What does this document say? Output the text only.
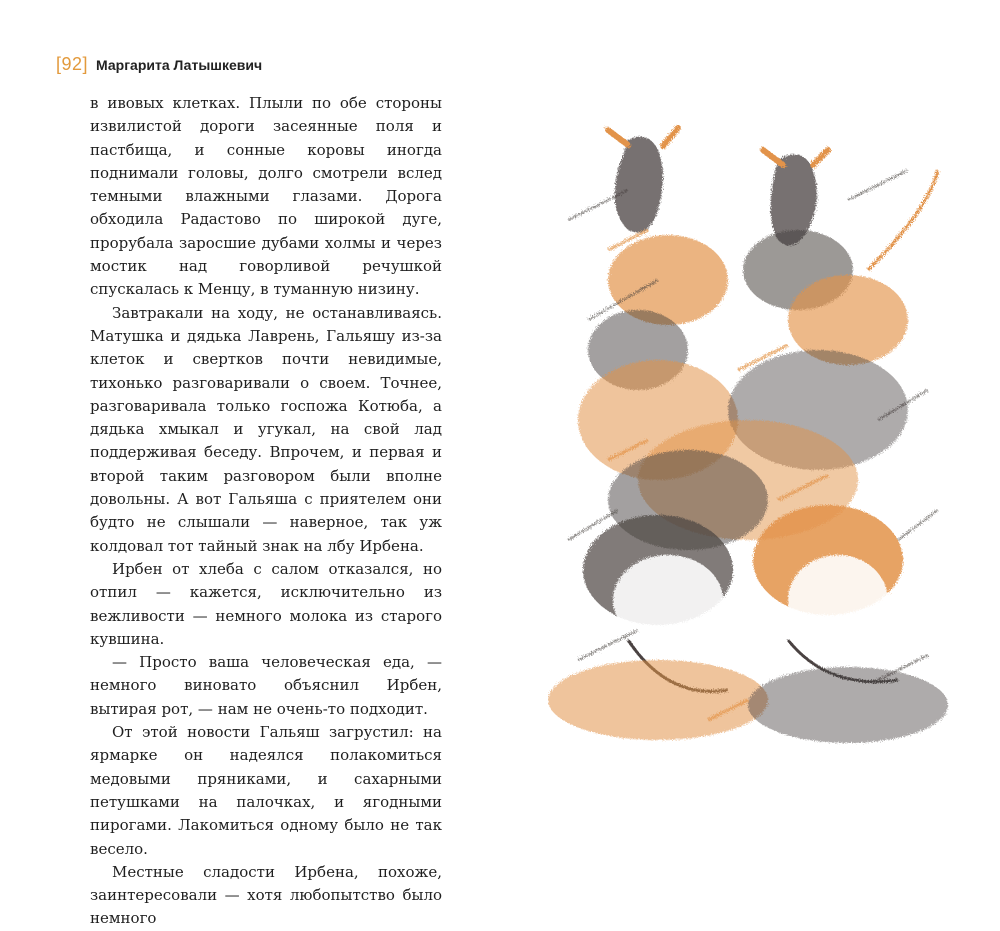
[92] Маргарита Латышкевич

в ивовых клетках. Плыли по обе стороны извилистой дороги засеянные поля и пастбища, и сонные коровы иногда поднимали головы, долго смотрели вслед темными влажными глазами. Дорога обходила Радастово по широкой дуге, прорубала заросшие дубами холмы и через мостик над говорливой речушкой спускалась к Менцу, в туманную низину.

Завтракали на ходу, не останавливаясь. Матушка и дядька Лаврень, Гальяшу из-за клеток и свертков почти невидимые, тихонько разговаривали о своем. Точнее, разговаривала только госпожа Котюба, а дядька хмыкал и угукал, на свой лад поддерживая беседу. Впрочем, и первая и второй таким разговором были вполне довольны. А вот Гальяша с приятелем они будто не слышали — наверное, так уж колдовал тот тайный знак на лбу Ирбена.

Ирбен от хлеба с салом отказался, но отпил — кажется, исключительно из вежливости — немного молока из старого кувшина.

— Просто ваша человеческая еда, — немного виновато объяснил Ирбен, вытирая рот, — нам не очень-то подходит.

От этой новости Гальяш загрустил: на ярмарке он надеялся полакомиться медовыми пряниками, и сахарными петушками на палочках, и ягодными пирогами. Лакомиться одному было не так весело.

Местные сладости Ирбена, похоже, заинтересовали — хотя любопытство было немного
